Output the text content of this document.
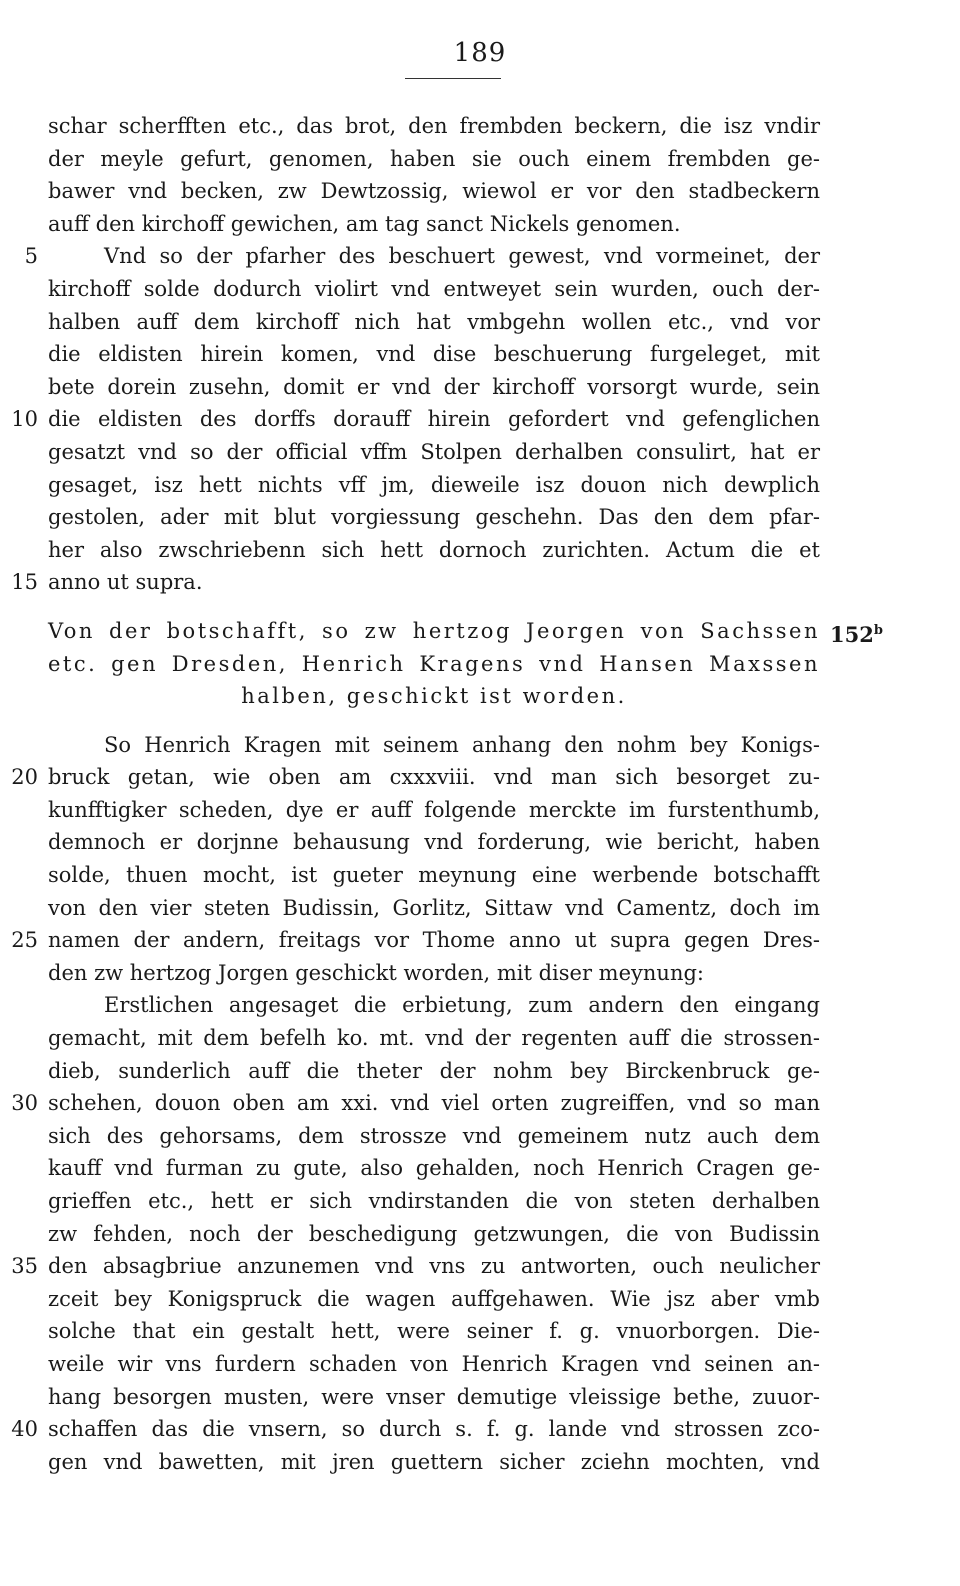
189
schar scherfften etc., das brot, den frembden beckern, die isz vndir
der meyle gefurt, genomen, haben sie ouch einem frembden ge-
bawer vnd becken, zw Dewtzossig, wiewol er vor den stadbeckern
auff den kirchoff gewichen, am tag sanct Nickels genomen.
5	Vnd so der pfarher des beschuert gewest, vnd vormeinet, der
kirchoff solde dodurch violirt vnd entweyet sein wurden, ouch der-
halben auff dem kirchoff nich hat vmbgehn wollen etc., vnd vor
die eldisten hirein komen, vnd dise beschuerung furgeleget, mit
bete dorein zusehn, domit er vnd der kirchoff vorsorgt wurde, sein
10 die eldisten des dorffs dorauff hirein gefordert vnd gefenglichen
gesatzt vnd so der official vffm Stolpen derhalben consulirt, hat er
gesaget, isz hett nichts vff jm, dieweile isz douon nich dewplich
gestolen, ader mit blut vorgiessung geschehn. Das den dem pfar-
her also zwschriebenn sich hett dornoch zurichten. Actum die et
15 anno ut supra.
Von der botschafft, so zw hertzog Jeorgen von Sachssen 152$^b$
etc. gen Dresden, Henrich Kragens vnd Hansen Maxssen
halben, geschickt ist worden.
So Henrich Kragen mit seinem anhang den nohm bey Konigs-
20 bruck getan, wie oben am cxxxviii. vnd man sich besorget zu-
kunfftigker scheden, dye er auff folgende merckte im furstenthumb,
demnoch er dorjnne behausung vnd forderung, wie bericht, haben
solde, thuen mocht, ist gueter meynung eine werbende botschafft
von den vier steten Budissin, Gorlitz, Sittaw vnd Camentz, doch im
25 namen der andern, freitags vor Thome anno ut supra gegen Dres-
den zw hertzog Jorgen geschickt worden, mit diser meynung:
Erstlichen angesaget die erbietung, zum andern den eingang
gemacht, mit dem befelh ko. mt. vnd der regenten auff die strossen-
dieb, sunderlich auff die theter der nohm bey Birckenbruck ge-
30 schehen, douon oben am xxi. vnd viel orten zugreiffen, vnd so man
sich des gehorsams, dem strossze vnd gemeinem nutz auch dem
kauff vnd furman zu gute, also gehalden, noch Henrich Cragen ge-
grieffen etc., hett er sich vndirstanden die von steten derhalben
zw fehden, noch der beschedigung getzwungen, die von Budissin
35 den absagbriue anzunemen vnd vns zu antworten, ouch neulicher
zceit bey Konigspruck die wagen auffgehawen. Wie jsz aber vmb
solche that ein gestalt hett, were seiner f. g. vnuorborgen. Die-
weile wir vns furdern schaden von Henrich Kragen vnd seinen an-
hang besorgen musten, were vnser demutige vleissige bethe, zuuor-
40 schaffen das die vnsern, so durch s. f. g. lande vnd strossen zco-
gen vnd bawetten, mit jren guettern sicher zciehn mochten, vnd
